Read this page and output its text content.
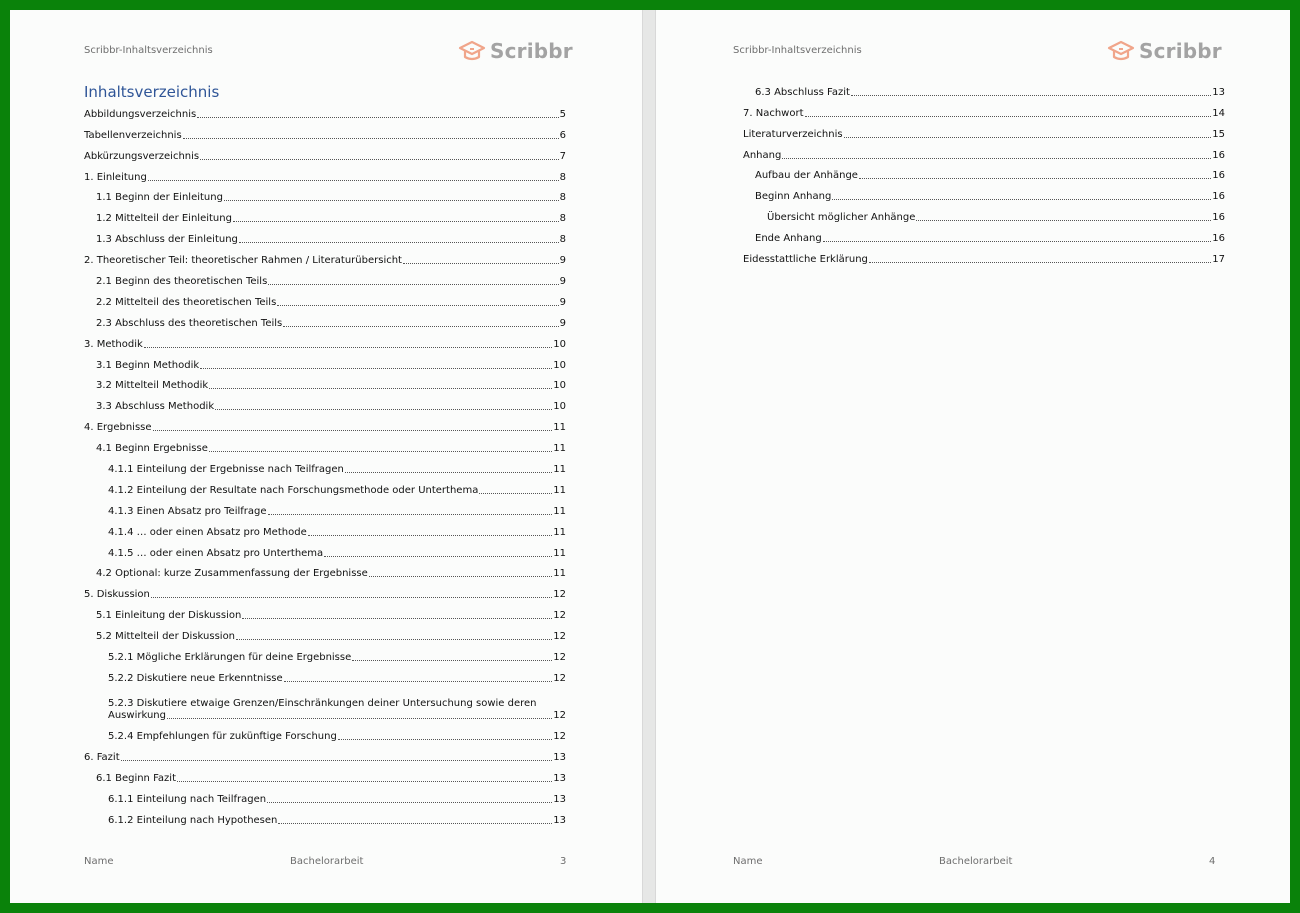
Scribbr-Inhaltsverzeichnis	Scribbr
Inhaltsverzeichnis
Abbildungsverzeichnis	5
Tabellenverzeichnis	6
Abkürzungsverzeichnis	7
1. Einleitung	8
1.1 Beginn der Einleitung	8
1.2 Mittelteil der Einleitung	8
1.3 Abschluss der Einleitung	8
2. Theoretischer Teil: theoretischer Rahmen / Literaturübersicht	9
2.1 Beginn des theoretischen Teils	9
2.2 Mittelteil des theoretischen Teils	9
2.3 Abschluss des theoretischen Teils	9
3. Methodik	10
3.1 Beginn Methodik	10
3.2 Mittelteil Methodik	10
3.3 Abschluss Methodik	10
4. Ergebnisse	11
4.1 Beginn Ergebnisse	11
4.1.1 Einteilung der Ergebnisse nach Teilfragen	11
4.1.2 Einteilung der Resultate nach Forschungsmethode oder Unterthema	11
4.1.3 Einen Absatz pro Teilfrage	11
4.1.4 … oder einen Absatz pro Methode	11
4.1.5 … oder einen Absatz pro Unterthema	11
4.2 Optional: kurze Zusammenfassung der Ergebnisse	11
5. Diskussion	12
5.1 Einleitung der Diskussion	12
5.2 Mittelteil der Diskussion	12
5.2.1 Mögliche Erklärungen für deine Ergebnisse	12
5.2.2 Diskutiere neue Erkenntnisse	12
5.2.3 Diskutiere etwaige Grenzen/Einschränkungen deiner Untersuchung sowie deren
Auswirkung	12
5.2.4 Empfehlungen für zukünftige Forschung	12
6. Fazit	13
6.1 Beginn Fazit	13
6.1.1 Einteilung nach Teilfragen	13
6.1.2 Einteilung nach Hypothesen	13
Name	Bachelorarbeit	3
Scribbr-Inhaltsverzeichnis	Scribbr
6.3 Abschluss Fazit	13
7. Nachwort	14
Literaturverzeichnis	15
Anhang	16
Aufbau der Anhänge	16
Beginn Anhang	16
Übersicht möglicher Anhänge	16
Ende Anhang	16
Eidesstattliche Erklärung	17
Name	Bachelorarbeit	4
